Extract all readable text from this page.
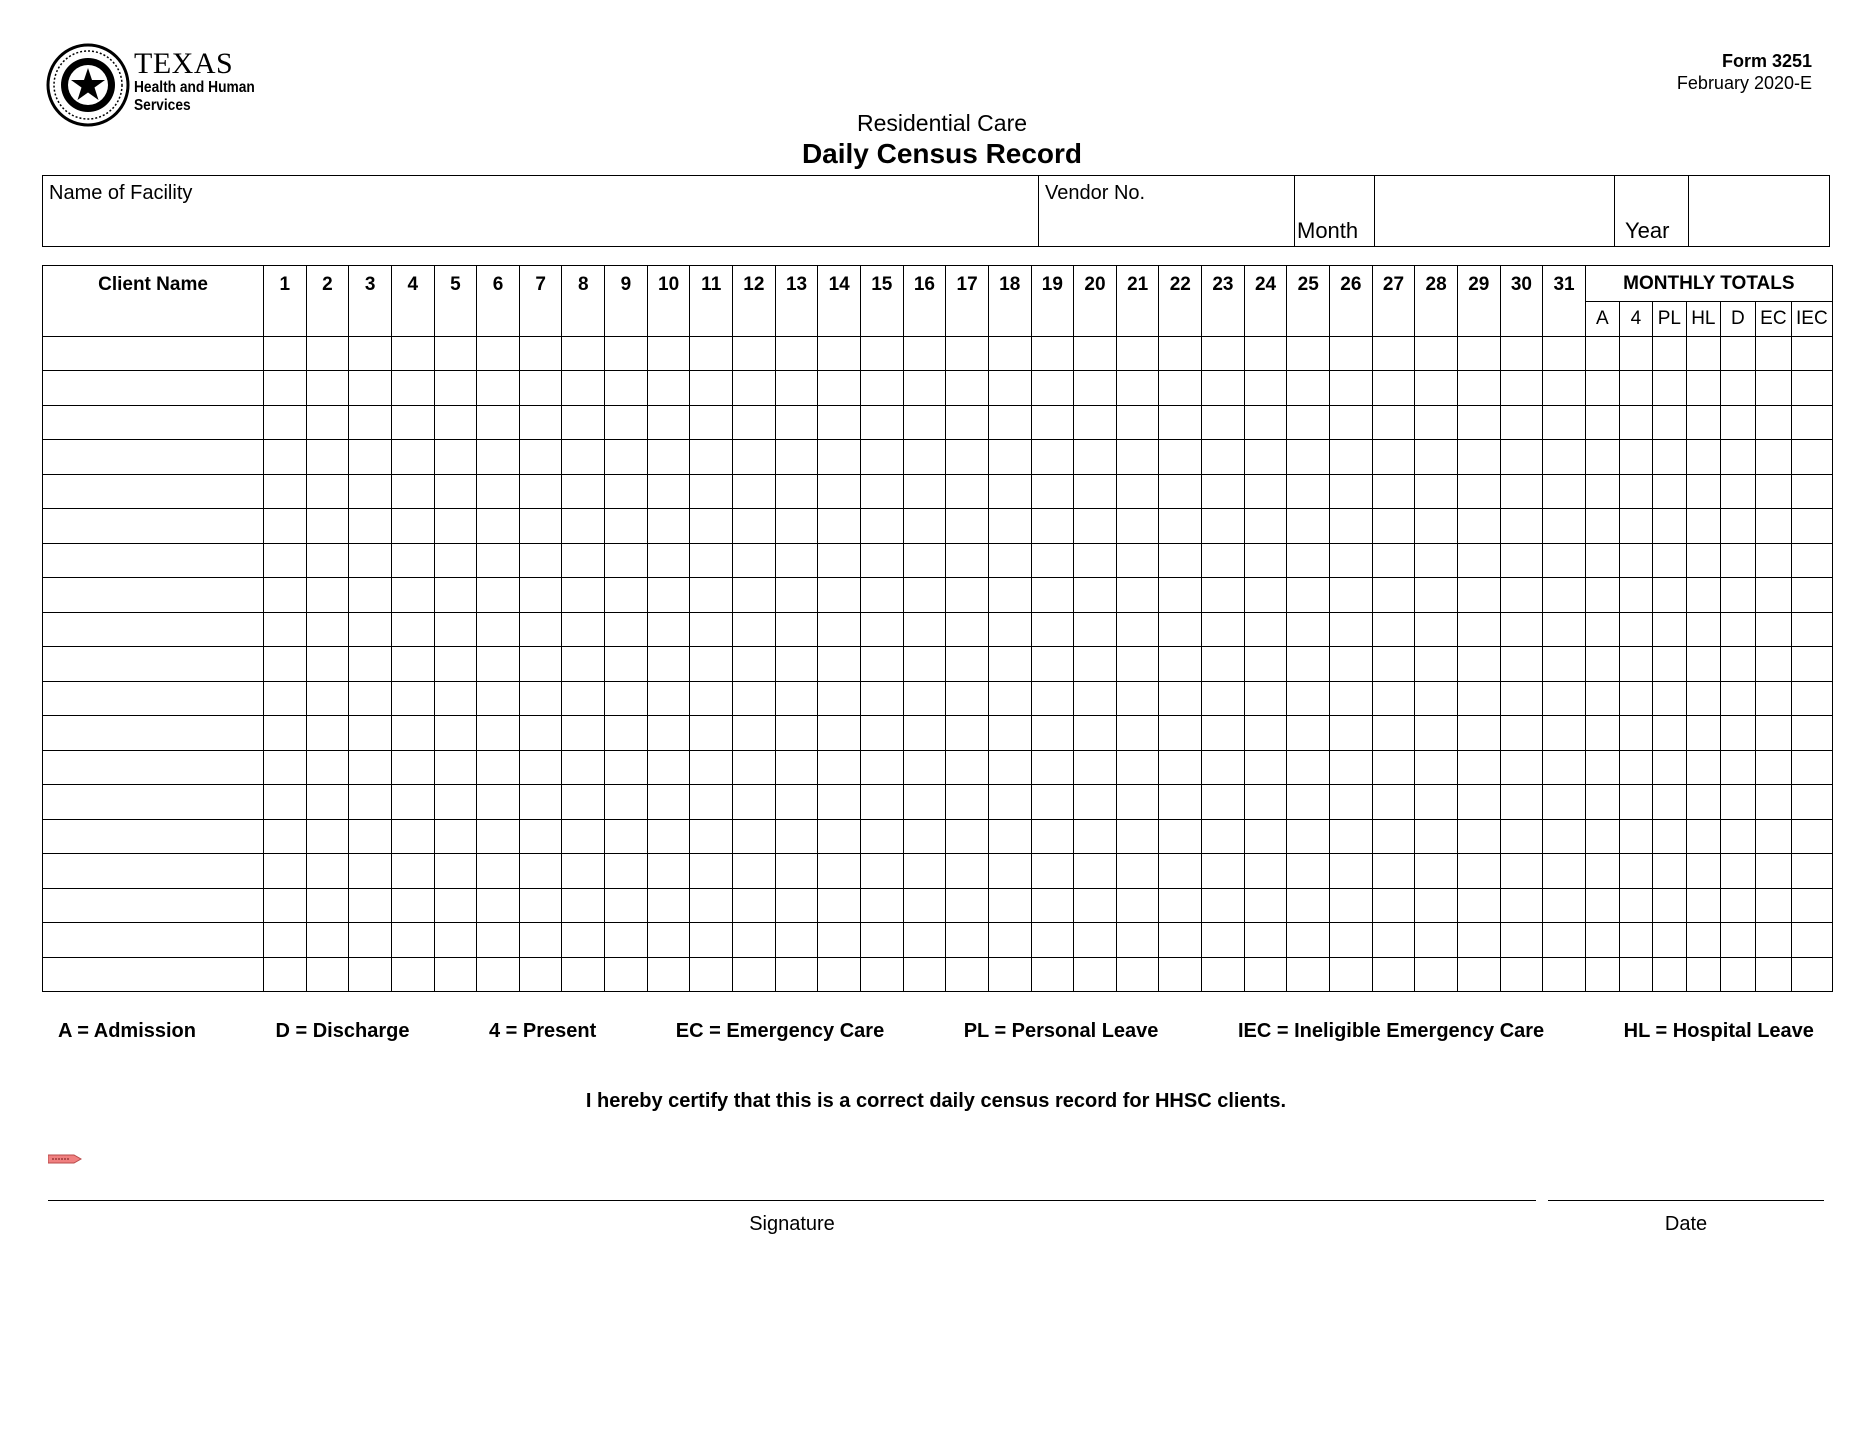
TEXAS
Health and Human
Services
Form 3251
February 2020-E
Residential Care
Daily Census Record
Name of Facility	Vendor No.
Month	Year
Client Name	1	2	3	4	5	6	7	8	9	10	11	12	13	14	15	16	17	18	19	20	21	22	23	24	25	26	27	28	29	30	31	MONTHLY TOTALS						
																																A	4	PL	HL	D	EC	IEC

A = Admission	D = Discharge	4 = Present	EC = Emergency Care	PL = Personal Leave	IEC = Ineligible Emergency Care	HL = Hospital Leave
I hereby certify that this is a correct daily census record for HHSC clients.
Signature	Date
